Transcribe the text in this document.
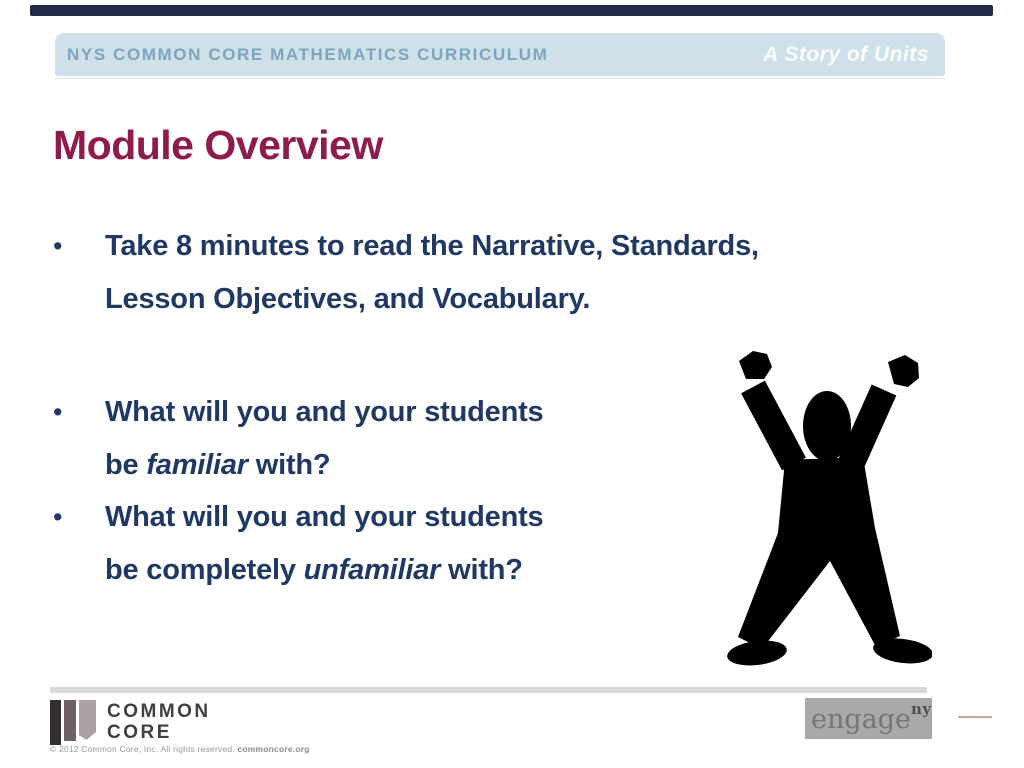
NYS COMMON CORE MATHEMATICS CURRICULUM	A Story of Units
Module Overview
•	Take 8 minutes to read the Narrative, Standards,
Lesson Objectives, and Vocabulary.
•	What will you and your students
be familiar with?
•	What will you and your students
be completely unfamiliar with?
COMMON
CORE
© 2012 Common Core, Inc. All rights reserved. commoncore.org
engageny
